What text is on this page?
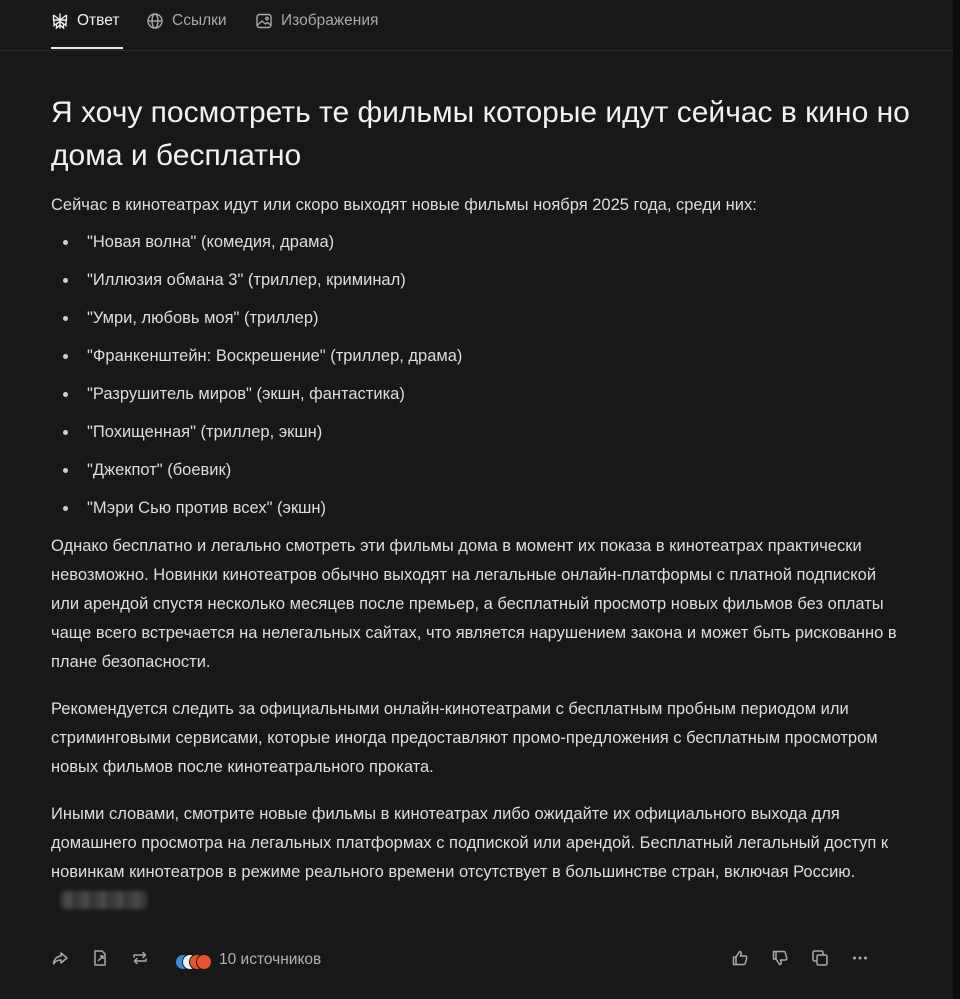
Ответ	Ссылки	Изображения
Я хочу посмотреть те фильмы которые идут сейчас в кино но дома и бесплатно

Сейчас в кинотеатрах идут или скоро выходят новые фильмы ноября 2025 года, среди них:

"Новая волна" (комедия, драма)
"Иллюзия обмана 3" (триллер, криминал)
"Умри, любовь моя" (триллер)
"Франкенштейн: Воскрешение" (триллер, драма)
"Разрушитель миров" (экшн, фантастика)
"Похищенная" (триллер, экшн)
"Джекпот" (боевик)
"Мэри Сью против всех" (экшн)

Однако бесплатно и легально смотреть эти фильмы дома в момент их показа в кинотеатрах практически невозможно. Новинки кинотеатров обычно выходят на легальные онлайн-платформы с платной подпиской или арендой спустя несколько месяцев после премьер, а бесплатный просмотр новых фильмов без оплаты чаще всего встречается на нелегальных сайтах, что является нарушением закона и может быть рискованно в плане безопасности.

Рекомендуется следить за официальными онлайн-кинотеатрами с бесплатным пробным периодом или стриминговыми сервисами, которые иногда предоставляют промо-предложения с бесплатным просмотром новых фильмов после кинотеатрального проката.

Иными словами, смотрите новые фильмы в кинотеатрах либо ожидайте их официального выхода для домашнего просмотра на легальных платформах с подпиской или арендой. Бесплатный легальный доступ к новинкам кинотеатров в режиме реального времени отсутствует в большинстве стран, включая Россию.

10 источников
